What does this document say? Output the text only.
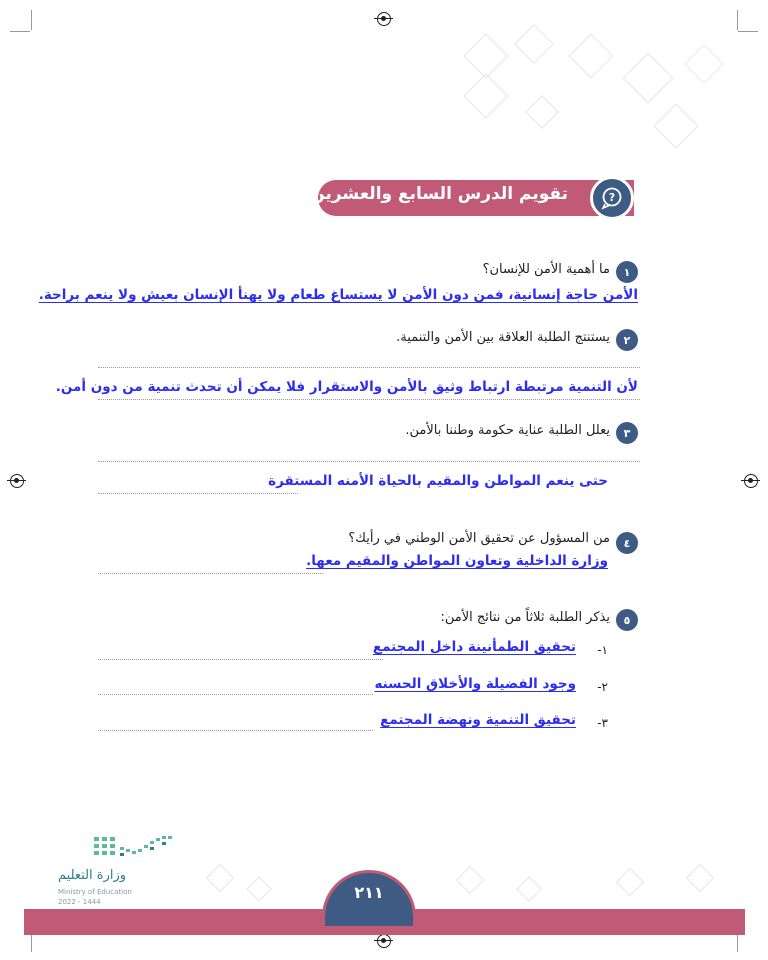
تقويم الدرس السابع والعشرين	?
١
ما أهمية الأمن للإنسان؟
الأمن حاجة إنسانية، فمن دون الأمن لا يستساغ طعام ولا يهنأ الإنسان بعيش ولا ينعم براحة.
٢
يستنتج الطلبة العلاقة بين الأمن والتنمية.
لأن التنمية مرتبطة ارتباط وثيق بالأمن والاستقرار فلا يمكن أن تحدث تنمية من دون أمن.
٣
يعلل الطلبة عناية حكومة وطننا بالأمن.
حتى ينعم المواطن والمقيم بالحياة الأمنه المستقرة
٤
من المسؤول عن تحقيق الأمن الوطني في رأيك؟
وزارة الداخلية وتعاون المواطن والمقيم معها.
٥
يذكر الطلبة ثلاثاً من نتائج الأمن:
١-
تحقيق الطمأنينة داخل المجتمع
٢-
وجود الفضيلة والأخلاق الحسنه
٣-
تحقيق التنمية ونهضة المجتمع
وزارة التعليم
Ministry of Education
2022 - 1444	٢١١
